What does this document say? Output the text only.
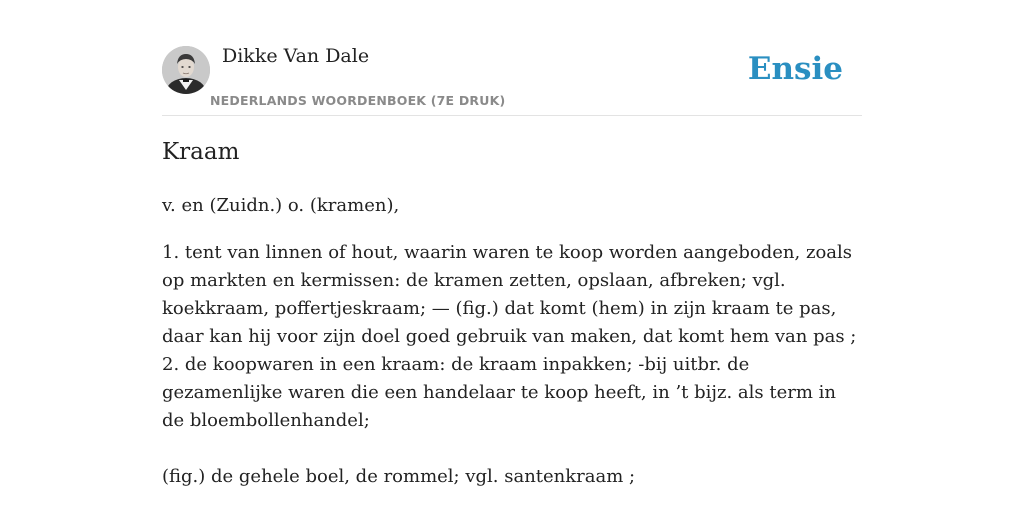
Dikke Van Dale
NEDERLANDS WOORDENBOEK (7E DRUK)
Ensie
Kraam

v. en (Zuidn.) o. (kramen),

1. tent van linnen of hout, waarin waren te koop worden aangeboden, zoals op markten en kermissen: de kramen zetten, opslaan, afbreken; vgl. koekkraam, poffertjeskraam; — (fig.) dat komt (hem) in zijn kraam te pas, daar kan hij voor zijn doel goed gebruik van maken, dat komt hem van pas ;

2. de koopwaren in een kraam: de kraam inpakken; -bij uitbr. de gezamenlijke waren die een handelaar te koop heeft, in ’t bijz. als term in de bloembollenhandel;

(fig.) de gehele boel, de rommel; vgl. santenkraam ;
